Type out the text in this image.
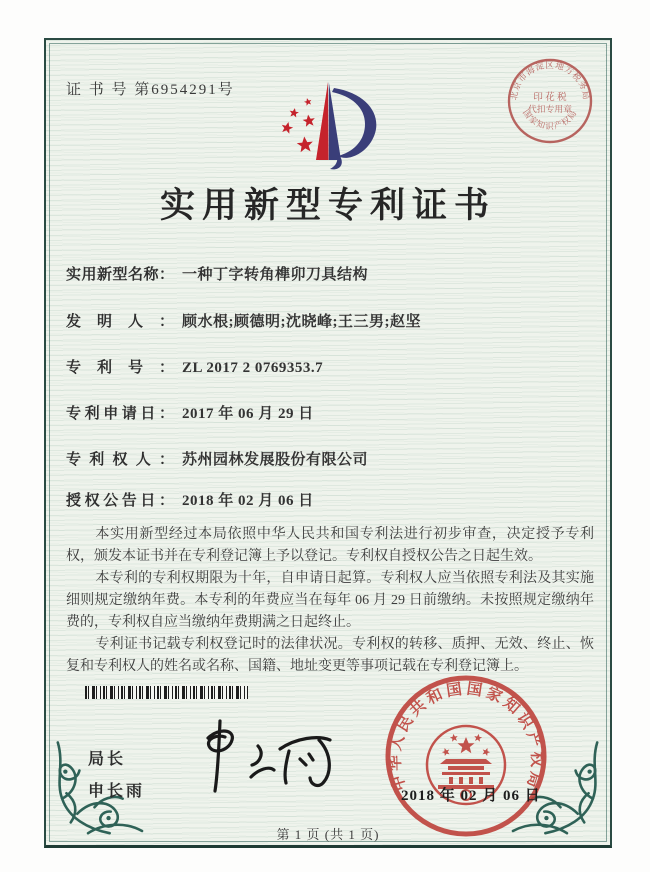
证 书 号 第6954291号
实用新型专利证书
实用新型名称： 一种丁字转角榫卯刀具结构
发明人： 顾水根;顾德明;沈晓峰;王三男;赵坚
专利号： ZL 2017 2 0769353.7
专利申请日： 2017 年 06 月 29 日
专利权人： 苏州园林发展股份有限公司
授权公告日： 2018 年 02 月 06 日

本实用新型经过本局依照中华人民共和国专利法进行初步审查，决定授予专利权，颁发本证书并在专利登记簿上予以登记。专利权自授权公告之日起生效。

本专利的专利权期限为十年，自申请日起算。专利权人应当依照专利法及其实施细则规定缴纳年费。本专利的年费应当在每年 06 月 29 日前缴纳。未按照规定缴纳年费的，专利权自应当缴纳年费期满之日起终止。

专利证书记载专利权登记时的法律状况。专利权的转移、质押、无效、终止、恢复和专利权人的姓名或名称、国籍、地址变更等事项记载在专利登记簿上。

局长
申长雨	中华人民共和国国家知识产权局
2018 年 02 月 06 日
北京市海淀区地方税务局
国家知识产权局
印 花 税
代扣专用章
第 1 页 (共 1 页)
